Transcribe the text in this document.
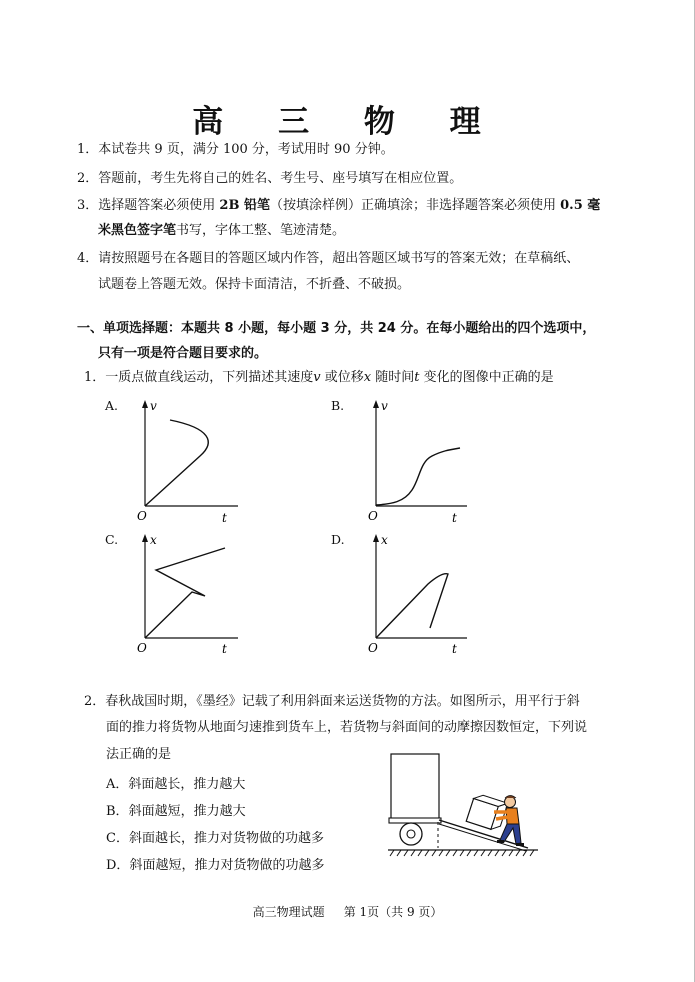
高 三 物 理
1．本试卷共 9 页，满分 100 分，考试用时 90 分钟。
2．答题前，考生先将自己的姓名、考生号、座号填写在相应位置。
3．选择题答案必须使用 2B 铅笔（按填涂样例）正确填涂；非选择题答案必须使用 0.5 毫
米黑色签字笔书写，字体工整、笔迹清楚。
4．请按照题号在各题目的答题区域内作答，超出答题区域书写的答案无效；在草稿纸、
试题卷上答题无效。保持卡面清洁，不折叠、不破损。
一、单项选择题：本题共 8 小题，每小题 3 分，共 24 分。在每小题给出的四个选项中，
只有一项是符合题目要求的。
1．一质点做直线运动，下列描述其速度v 或位移x 随时间t 变化的图像中正确的是
A.	B.
C.	D.
v
t
O
v
t
O
x
t
O
x
t
O
2．春秋战国时期，《墨经》记载了利用斜面来运送货物的方法。如图所示，用平行于斜
面的推力将货物从地面匀速推到货车上，若货物与斜面间的动摩擦因数恒定，下列说
法正确的是
A．斜面越长，推力越大
B．斜面越短，推力越大
C．斜面越长，推力对货物做的功越多
D．斜面越短，推力对货物做的功越多
高三物理试题 第 1页（共 9 页）
